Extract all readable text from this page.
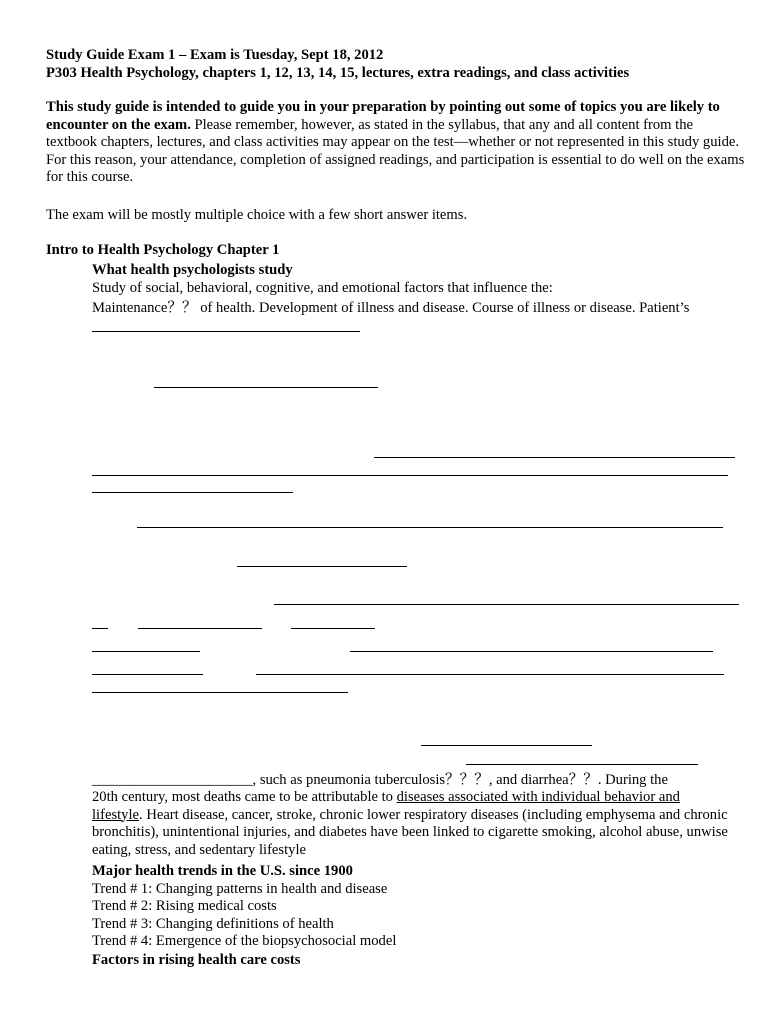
Study Guide Exam 1 – Exam is Tuesday, Sept 18, 2012
P303 Health Psychology, chapters 1, 12, 13, 14, 15, lectures, extra readings, and class activities
This study guide is intended to guide you in your preparation by pointing out some of topics you are likely to encounter on the exam. Please remember, however, as stated in the syllabus, that any and all content from the textbook chapters, lectures, and class activities may appear on the test—whether or not represented in this study guide. For this reason, your attendance, completion of assigned readings, and participation is essential to do well on the exams for this course.
The exam will be mostly multiple choice with a few short answer items.
Intro to Health Psychology Chapter 1
What health psychologists study
Study of social, behavioral, cognitive, and emotional factors that influence the:
Maintenance？？ of health. Development of illness and disease. Course of illness or disease. Patient’s
______________________, such as pneumonia tuberculosis？？？, and diarrhea？？. During the
20th century, most deaths came to be attributable to diseases associated with individual behavior and lifestyle. Heart disease, cancer, stroke, chronic lower respiratory diseases (including emphysema and chronic bronchitis), unintentional injuries, and diabetes have been linked to cigarette smoking, alcohol abuse, unwise eating, stress, and sedentary lifestyle
Major health trends in the U.S. since 1900
Trend # 1: Changing patterns in health and disease
Trend # 2: Rising medical costs
Trend # 3: Changing definitions of health
Trend # 4: Emergence of the biopsychosocial model
Factors in rising health care costs
